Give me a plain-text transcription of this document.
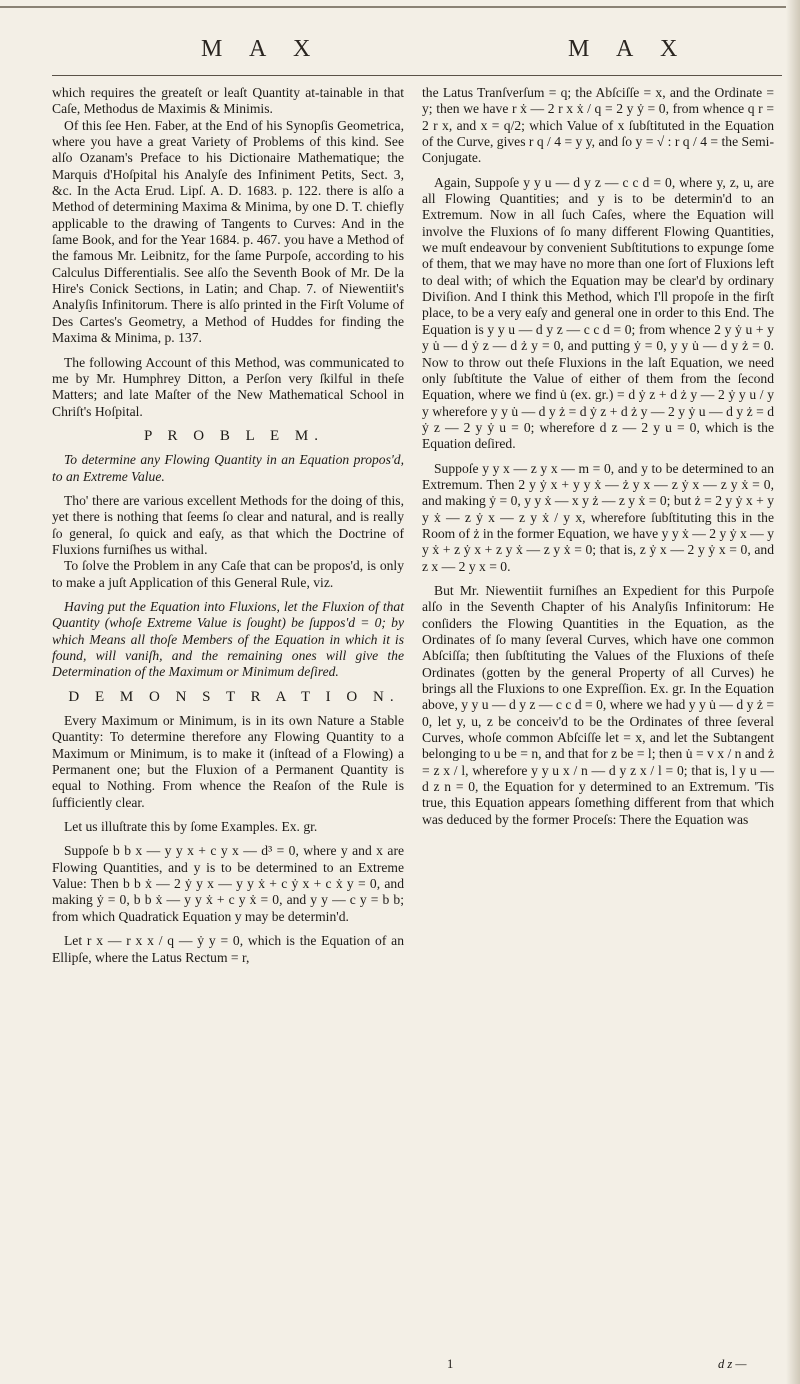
M A X	M A X

which requires the greateſt or leaſt Quantity at-tainable in that Caſe, Methodus de Maximis & Minimis.

Of this ſee Hen. Faber, at the End of his Synopſis Geometrica, where you have a great Variety of Problems of this kind. See alſo Ozanam's Preface to his Dictionaire Mathematique; the Marquis d'Hoſpital his Analyſe des Infiniment Petits, Sect. 3, &c. In the Acta Erud. Lipſ. A. D. 1683. p. 122. there is alſo a Method of determining Maxima & Minima, by one D. T. chiefly applicable to the drawing of Tangents to Curves: And in the ſame Book, and for the Year 1684. p. 467. you have a Method of the famous Mr. Leibnitz, for the ſame Purpoſe, according to his Calculus Differentialis. See alſo the Seventh Book of Mr. De la Hire's Conick Sections, in Latin; and Chap. 7. of Niewentiit's Analyſis Infinitorum. There is alſo printed in the Firſt Volume of Des Cartes's Geometry, a Method of Huddes for finding the Maxima & Minima, p. 137.

The following Account of this Method, was communicated to me by Mr. Humphrey Ditton, a Perſon very ſkilful in theſe Matters; and late Maſter of the New Mathematical School in Chriſt's Hoſpital.

P R O B L E M.

To determine any Flowing Quantity in an Equation propos'd, to an Extreme Value.

Tho' there are various excellent Methods for the doing of this, yet there is nothing that ſeems ſo clear and natural, and is really ſo general, ſo quick and eaſy, as that which the Doctrine of Fluxions furniſhes us withal.

To ſolve the Problem in any Caſe that can be propos'd, is only to make a juſt Application of this General Rule, viz.

Having put the Equation into Fluxions, let the Fluxion of that Quantity (whoſe Extreme Value is ſought) be ſuppos'd = 0; by which Means all thoſe Members of the Equation in which it is found, will vaniſh, and the remaining ones will give the Determination of the Maximum or Minimum deſired.

D E M O N S T R A T I O N.

Every Maximum or Minimum, is in its own Nature a Stable Quantity: To determine therefore any Flowing Quantity to a Maximum or Minimum, is to make it (inſtead of a Flowing) a Permanent one; but the Fluxion of a Permanent Quantity is equal to Nothing. From whence the Reaſon of the Rule is ſufficiently clear.

Let us illuſtrate this by ſome Examples. Ex. gr.

Suppoſe b b x — y y x + c y x — d³ = 0, where y and x are Flowing Quantities, and y is to be determined to an Extreme Value: Then b b ẋ — 2 ẏ y x — y y ẋ + c ẏ x + c ẋ y = 0, and making ẏ = 0, b b ẋ — y y ẋ + c y ẋ = 0, and y y — c y = b b; from which Quadratick Equation y may be determin'd.

Let r x — r x x / q — ẏ y = 0, which is the Equation of an Ellipſe, where the Latus Rectum = r,

the Latus Tranſverſum = q; the Abſciſſe = x, and the Ordinate = y; then we have r ẋ — 2 r x ẋ / q = 2 y ẏ = 0, from whence q r = 2 r x, and x = q/2; which Value of x ſubſtituted in the Equation of the Curve, gives r q / 4 = y y, and ſo y = √ : r q / 4 = the Semi-Conjugate.

Again, Suppoſe y y u — d y z — c c d = 0, where y, z, u, are all Flowing Quantities; and y is to be determin'd to an Extremum. Now in all ſuch Caſes, where the Equation will involve the Fluxions of ſo many different Flowing Quantities, we muſt endeavour by convenient Subſtitutions to expunge ſome of them, that we may have no more than one ſort of Fluxions left to deal with; of which the Equation may be clear'd by ordinary Diviſion. And I think this Method, which I'll propoſe in the firſt place, to be a very eaſy and general one in order to this End. The Equation is y y u — d y z — c c d = 0; from whence 2 y ẏ u + y y u̇ — d ẏ z — d ż y = 0, and putting ẏ = 0, y y u̇ — d y ż = 0. Now to throw out theſe Fluxions in the laſt Equation, we need only ſubſtitute the Value of either of them from the ſecond Equation, where we find u̇ (ex. gr.) = d ẏ z + d ż y — 2 ẏ y u / y y wherefore y y u̇ — d y ż = d ẏ z + d ż y — 2 y ẏ u — d y ż = d ẏ z — 2 y ẏ u = 0; wherefore d z — 2 y u = 0, which is the Equation deſired.

Suppoſe y y x — z y x — m = 0, and y to be determined to an Extremum. Then 2 y ẏ x + y y ẋ — ż y x — z ẏ x — z y ẋ = 0, and making ẏ = 0, y y ẋ — x y ż — z y ẋ = 0; but ż = 2 y ẏ x + y y ẋ — z ẏ x — z y ẋ / y x, wherefore ſubſtituting this in the Room of ż in the former Equation, we have y y ẋ — 2 y ẏ x — y y ẋ + z ẏ x + z y ẋ — z y ẋ = 0; that is, z ẏ x — 2 y ẏ x = 0, and z x — 2 y x = 0.

But Mr. Niewentiit furniſhes an Expedient for this Purpoſe alſo in the Seventh Chapter of his Analyſis Infinitorum: He conſiders the Flowing Quantities in the Equation, as the Ordinates of ſo many ſeveral Curves, which have one common Abſciſſa; then ſubſtituting the Values of the Fluxions of theſe Ordinates (gotten by the general Property of all Curves) he brings all the Fluxions to one Expreſſion. Ex. gr. In the Equation above, y y u — d y z — c c d = 0, where we had y y u̇ — d y ż = 0, let y, u, z be conceiv'd to be the Ordinates of three ſeveral Curves, whoſe common Abſciſſe let = x, and let the Subtangent belonging to u be = n, and that for z be = l; then u̇ = v x / n and ż = z x / l, wherefore y y u x / n — d y z x / l = 0; that is, l y u — d z n = 0, the Equation for y determined to an Extremum. 'Tis true, this Equation appears ſomething different from that which was deduced by the former Proceſs: There the Equation was

1	d z —
